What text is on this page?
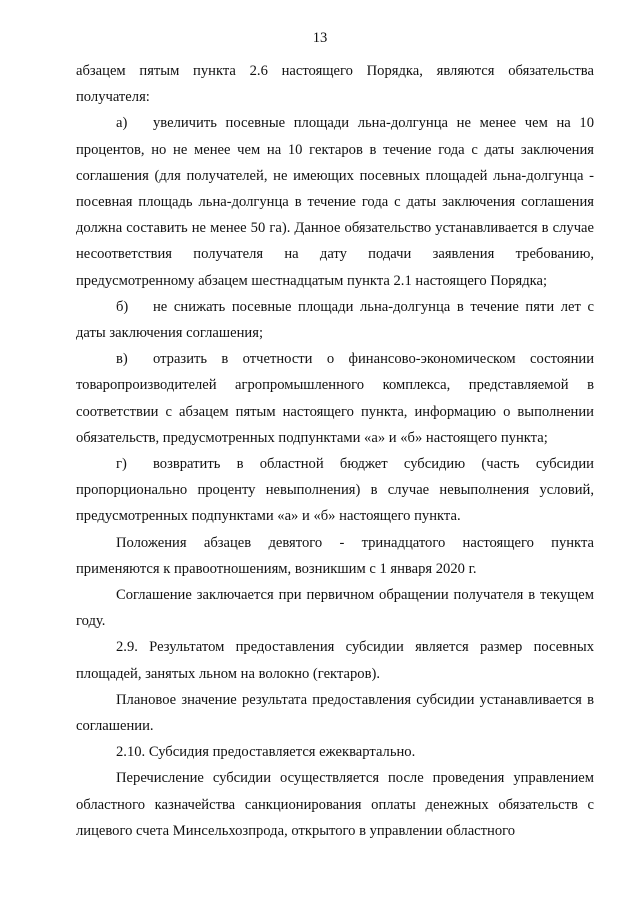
13

абзацем пятым пункта 2.6 настоящего Порядка, являются обязательства получателя:

а) увеличить посевные площади льна-долгунца не менее чем на 10 процентов, но не менее чем на 10 гектаров в течение года с даты заключения соглашения (для получателей, не имеющих посевных площадей льна-долгунца - посевная площадь льна-долгунца в течение года с даты заключения соглашения должна составить не менее 50 га). Данное обязательство устанавливается в случае несоответствия получателя на дату подачи заявления требованию, предусмотренному абзацем шестнадцатым пункта 2.1 настоящего Порядка;

б) не снижать посевные площади льна-долгунца в течение пяти лет с даты заключения соглашения;

в) отразить в отчетности о финансово-экономическом состоянии товаропроизводителей агропромышленного комплекса, представляемой в соответствии с абзацем пятым настоящего пункта, информацию о выполнении обязательств, предусмотренных подпунктами «а» и «б» настоящего пункта;

г) возвратить в областной бюджет субсидию (часть субсидии пропорционально проценту невыполнения) в случае невыполнения условий, предусмотренных подпунктами «а» и «б» настоящего пункта.

Положения абзацев девятого - тринадцатого настоящего пункта применяются к правоотношениям, возникшим с 1 января 2020 г.

Соглашение заключается при первичном обращении получателя в текущем году.

2.9. Результатом предоставления субсидии является размер посевных площадей, занятых льном на волокно (гектаров).

Плановое значение результата предоставления субсидии устанавливается в соглашении.

2.10. Субсидия предоставляется ежеквартально.

Перечисление субсидии осуществляется после проведения управлением областного казначейства санкционирования оплаты денежных обязательств с лицевого счета Минсельхозпрода, открытого в управлении областного
